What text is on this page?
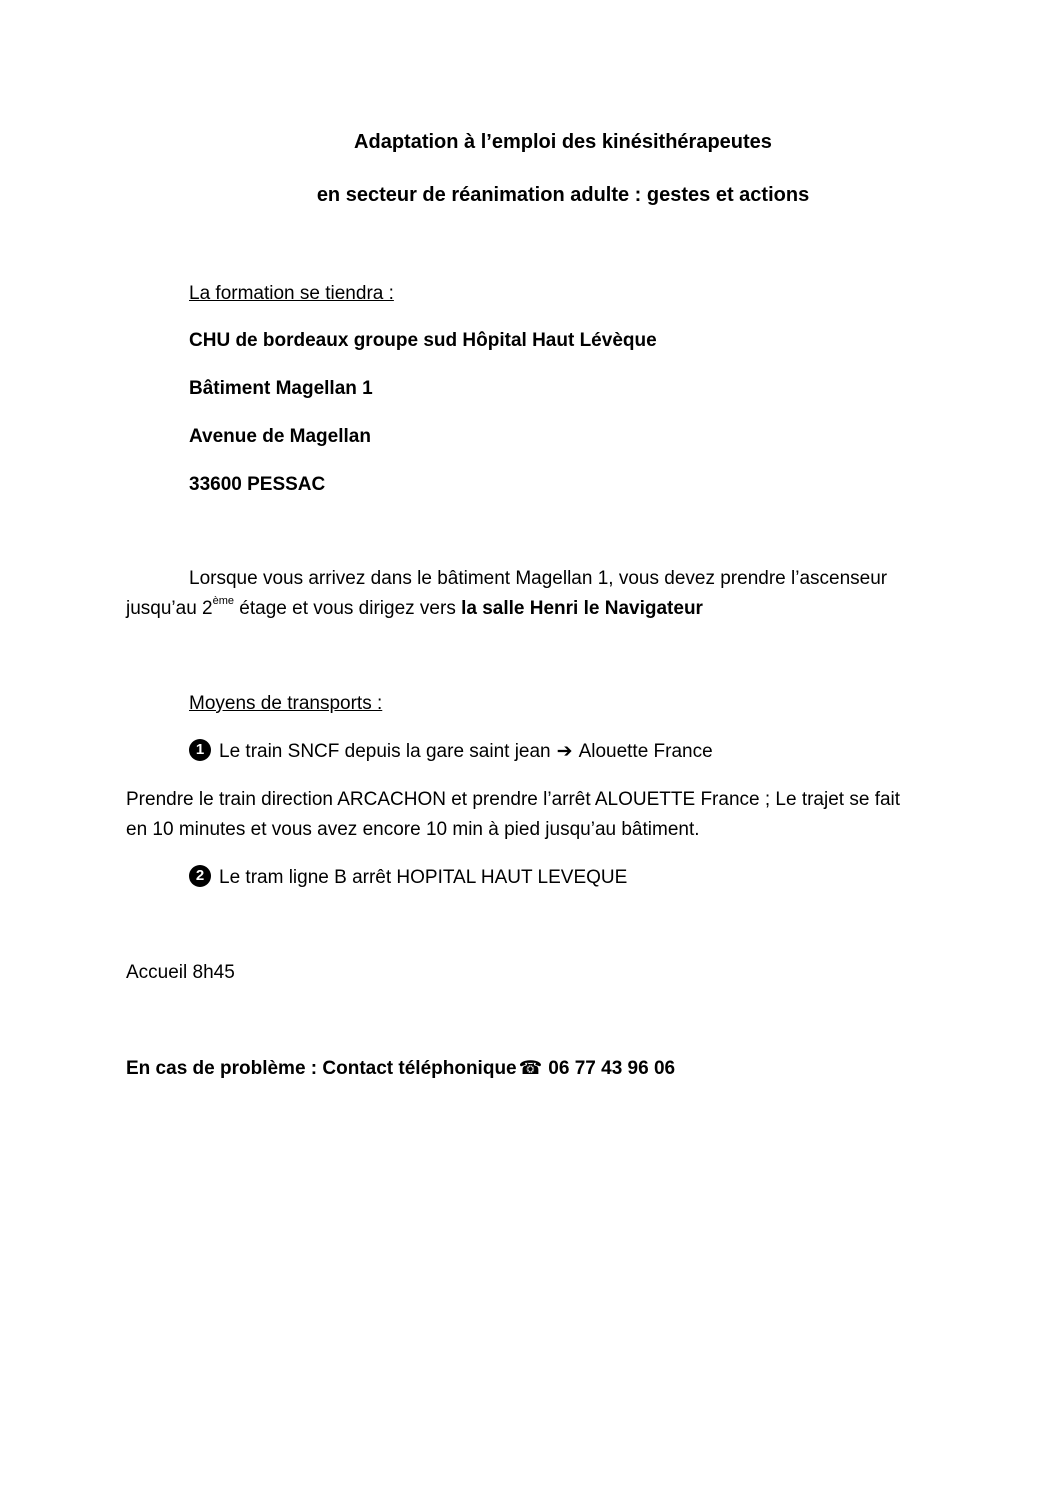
Adaptation à l’emploi des kinésithérapeutes
en secteur de réanimation adulte : gestes et actions
La formation se tiendra :
CHU de bordeaux groupe sud Hôpital Haut Lévèque
Bâtiment Magellan 1
Avenue de Magellan
33600 PESSAC
Lorsque vous arrivez dans le bâtiment Magellan 1, vous devez prendre l’ascenseur
jusqu’au 2ème étage et vous dirigez vers la salle Henri le Navigateur
Moyens de transports :
1 Le train SNCF depuis la gare saint jean ➔ Alouette France
Prendre le train direction ARCACHON et prendre l’arrêt ALOUETTE France ; Le trajet se fait
en 10 minutes et vous avez encore 10 min à pied jusqu’au bâtiment.
2 Le tram ligne B arrêt HOPITAL HAUT LEVEQUE
Accueil 8h45
En cas de problème : Contact téléphonique ☎ 06 77 43 96 06
